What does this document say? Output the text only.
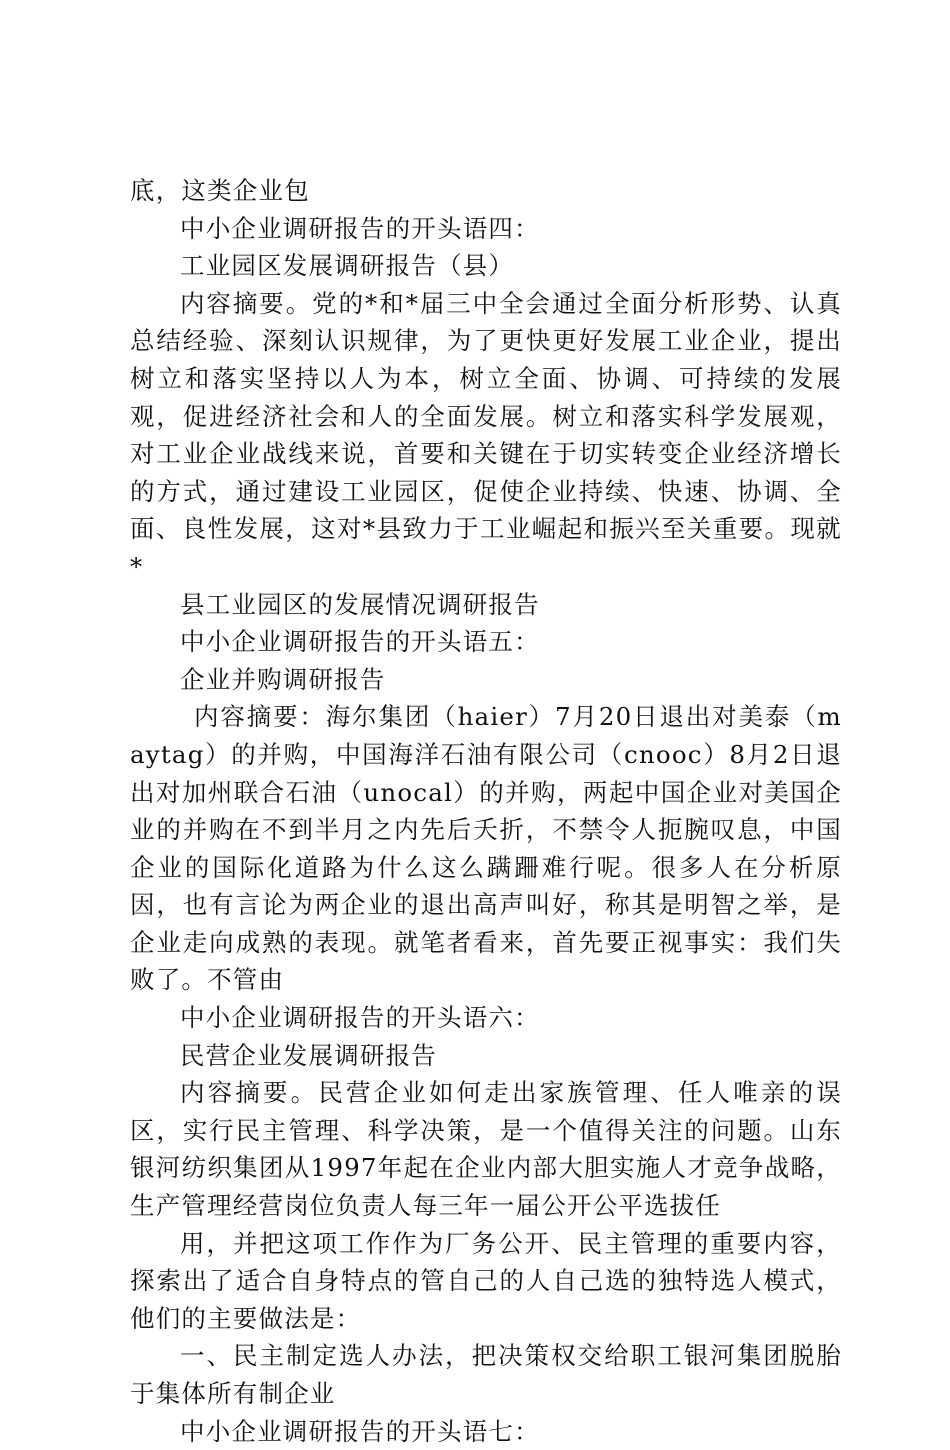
底，这类企业包

中小企业调研报告的开头语四：

工业园区发展调研报告（县）

内容摘要。党的*和*届三中全会通过全面分析形势、认真总结经验、深刻认识规律，为了更快更好发展工业企业，提出树立和落实坚持以人为本，树立全面、协调、可持续的发展观，促进经济社会和人的全面发展。树立和落实科学发展观，对工业企业战线来说，首要和关键在于切实转变企业经济增长的方式，通过建设工业园区，促使企业持续、快速、协调、全面、良性发展，这对*县致力于工业崛起和振兴至关重要。现就*

县工业园区的发展情况调研报告

中小企业调研报告的开头语五：

企业并购调研报告

内容摘要：海尔集团（haier）7月20日退出对美泰（maytag）的并购，中国海洋石油有限公司（cnooc）8月2日退出对加州联合石油（unocal）的并购，两起中国企业对美国企业的并购在不到半月之内先后夭折，不禁令人扼腕叹息，中国企业的国际化道路为什么这么蹒跚难行呢。很多人在分析原因，也有言论为两企业的退出高声叫好，称其是明智之举，是企业走向成熟的表现。就笔者看来，首先要正视事实：我们失败了。不管由

中小企业调研报告的开头语六：

民营企业发展调研报告

内容摘要。民营企业如何走出家族管理、任人唯亲的误区，实行民主管理、科学决策，是一个值得关注的问题。山东银河纺织集团从1997年起在企业内部大胆实施人才竞争战略，生产管理经营岗位负责人每三年一届公开公平选拔任

用，并把这项工作作为厂务公开、民主管理的重要内容，探索出了适合自身特点的管自己的人自己选的独特选人模式，他们的主要做法是：

一、民主制定选人办法，把决策权交给职工银河集团脱胎于集体所有制企业

中小企业调研报告的开头语七：
